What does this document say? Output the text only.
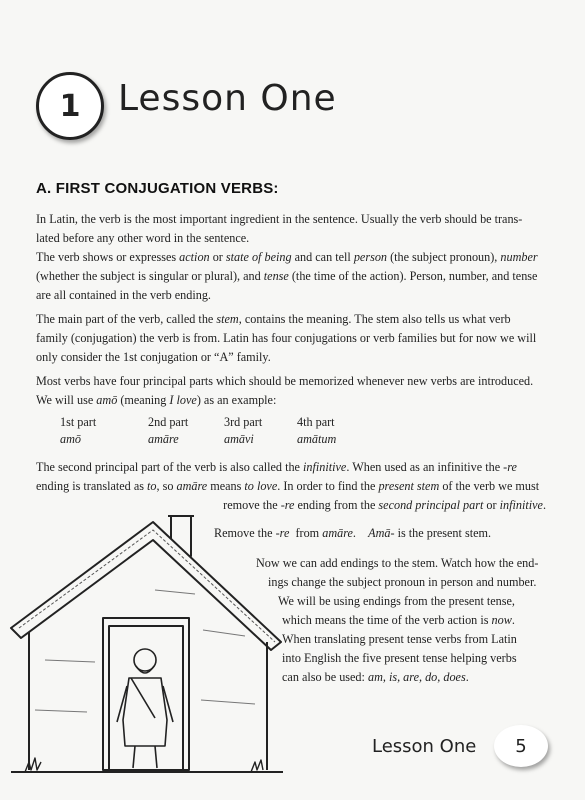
1 Lesson One
A. FIRST CONJUGATION VERBS:

In Latin, the verb is the most important ingredient in the sentence. Usually the verb should be trans-
lated before any other word in the sentence.

The verb shows or expresses action or state of being and can tell person (the subject pronoun), number
(whether the subject is singular or plural), and tense (the time of the action). Person, number, and tense
are all contained in the verb ending.

The main part of the verb, called the stem, contains the meaning. The stem also tells us what verb
family (conjugation) the verb is from. Latin has four conjugations or verb families but for now we will
only consider the 1st conjugation or “A” family.

Most verbs have four principal parts which should be memorized whenever new verbs are introduced.
We will use amō (meaning I love) as an example:

1st part
amō
2nd part
amāre
3rd part
amāvi
4th part
amātum

The second principal part of the verb is also called the infinitive. When used as an infinitive the -re
ending is translated as to, so amāre means to love. In order to find the present stem of the verb we must

remove the -re ending from the second principal part or infinitive.

Remove the -re  from amāre.    Amā- is the present stem.

Now we can add endings to the stem. Watch how the end-

ings change the subject pronoun in person and number.

We will be using endings from the present tense,

which means the time of the verb action is now.

When translating present tense verbs from Latin

into English the five present tense helping verbs

can also be used: am, is, are, do, does.

Lesson One 5
